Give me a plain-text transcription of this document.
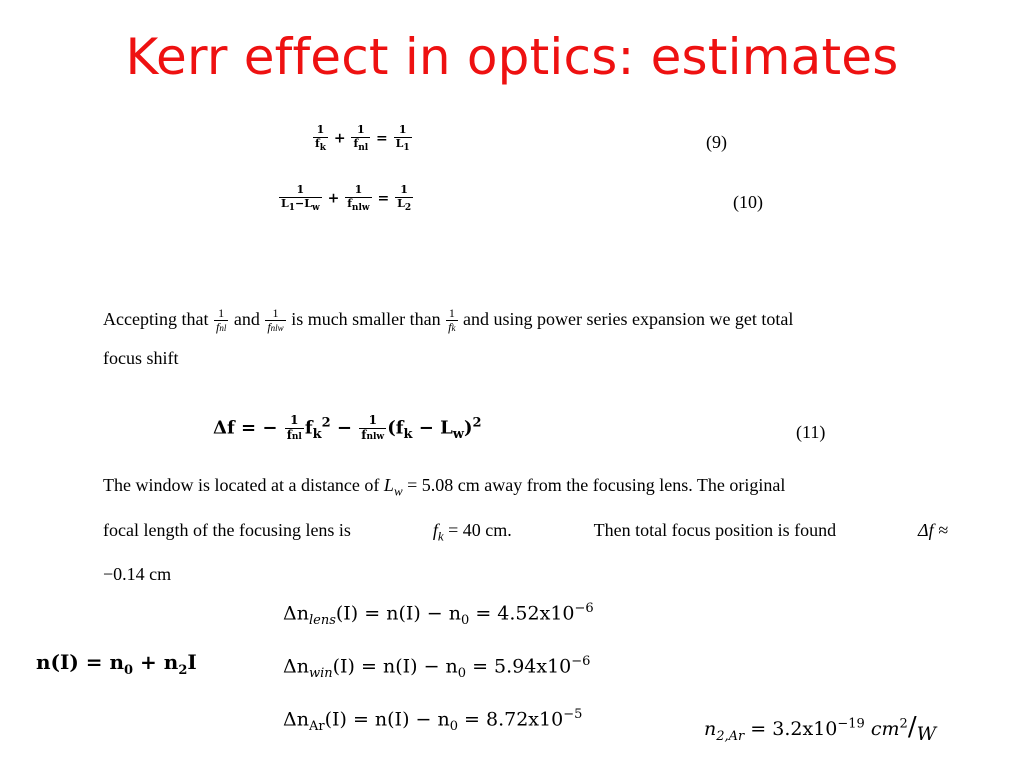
Kerr effect in optics: estimates
$\frac{1}{f_k} + \frac{1}{f_{nl}} = \frac{1}{L_1}$	(9)
$\frac{1}{L_1-L_w} + \frac{1}{f_{nlw}} = \frac{1}{L_2}$	(10)
Accepting that $\frac{1}{\text{fnl}}$ and $\frac{1}{\text{fnlw}}$ is much smaller than $\frac{1}{fk}$ and using power series expansion we get total
focus shift
Δf = − $\frac{1}{\text{fnl}} f_k^2 - \frac{1}{\text{fnlw}} (f_k - L_w)^2$	(11)
The window is located at a distance of $L_w = 5.08$ cm away from the focusing lens. The original
focal length of the focusing lens is	$f_k = 40$ cm.	Then total focus position is found	Δf ≈
−0.14 cm
$n(I) = n_0 + n_2I$
$\Delta n_{lens}(I) = n(I) - n_0 = 4.52x10^{-6}$
$\Delta n_{win}(I) = n(I) - n_0 = 5.94x10^{-6}$
$\Delta n_{Ar}(I) = n(I) - n_0 = 8.72x10^{-5}$
$n_{2,Ar} = 3.2x10^{-19}$ $cm^2/W$
